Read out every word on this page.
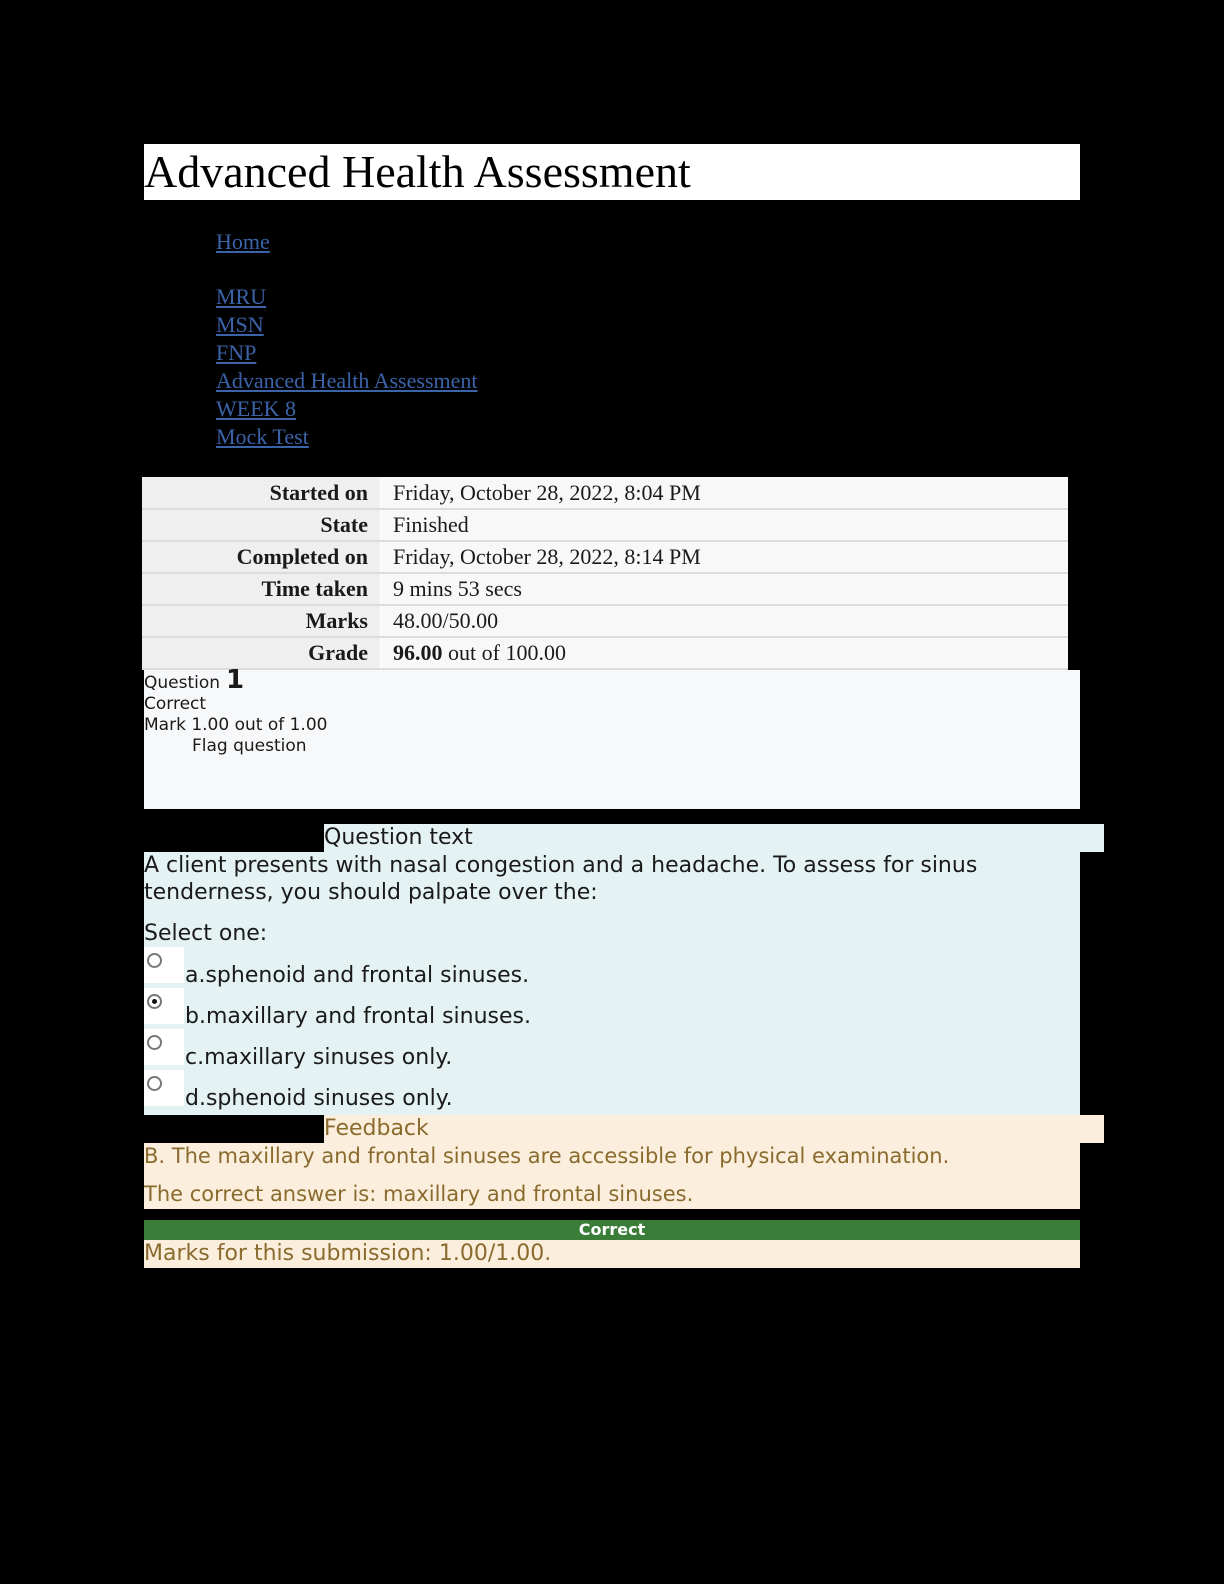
Advanced Health Assessment
Home
MRU
MSN
FNP
Advanced Health Assessment
WEEK 8
Mock Test
Started on	Friday, October 28, 2022, 8:04 PM
State	Finished
Completed on	Friday, October 28, 2022, 8:14 PM
Time taken	9 mins 53 secs
Marks	48.00/50.00
Grade	96.00 out of 100.00
Question 1
Correct
Mark 1.00 out of 1.00
Flag question
Question text

A client presents with nasal congestion and a headache. To assess for sinus tenderness, you should palpate over the:

Select one:

a.sphenoid and frontal sinuses.
b.maxillary and frontal sinuses.
c.maxillary sinuses only.
d.sphenoid sinuses only.
Feedback

B. The maxillary and frontal sinuses are accessible for physical examination.

The correct answer is: maxillary and frontal sinuses.

Correct
Marks for this submission: 1.00/1.00.
